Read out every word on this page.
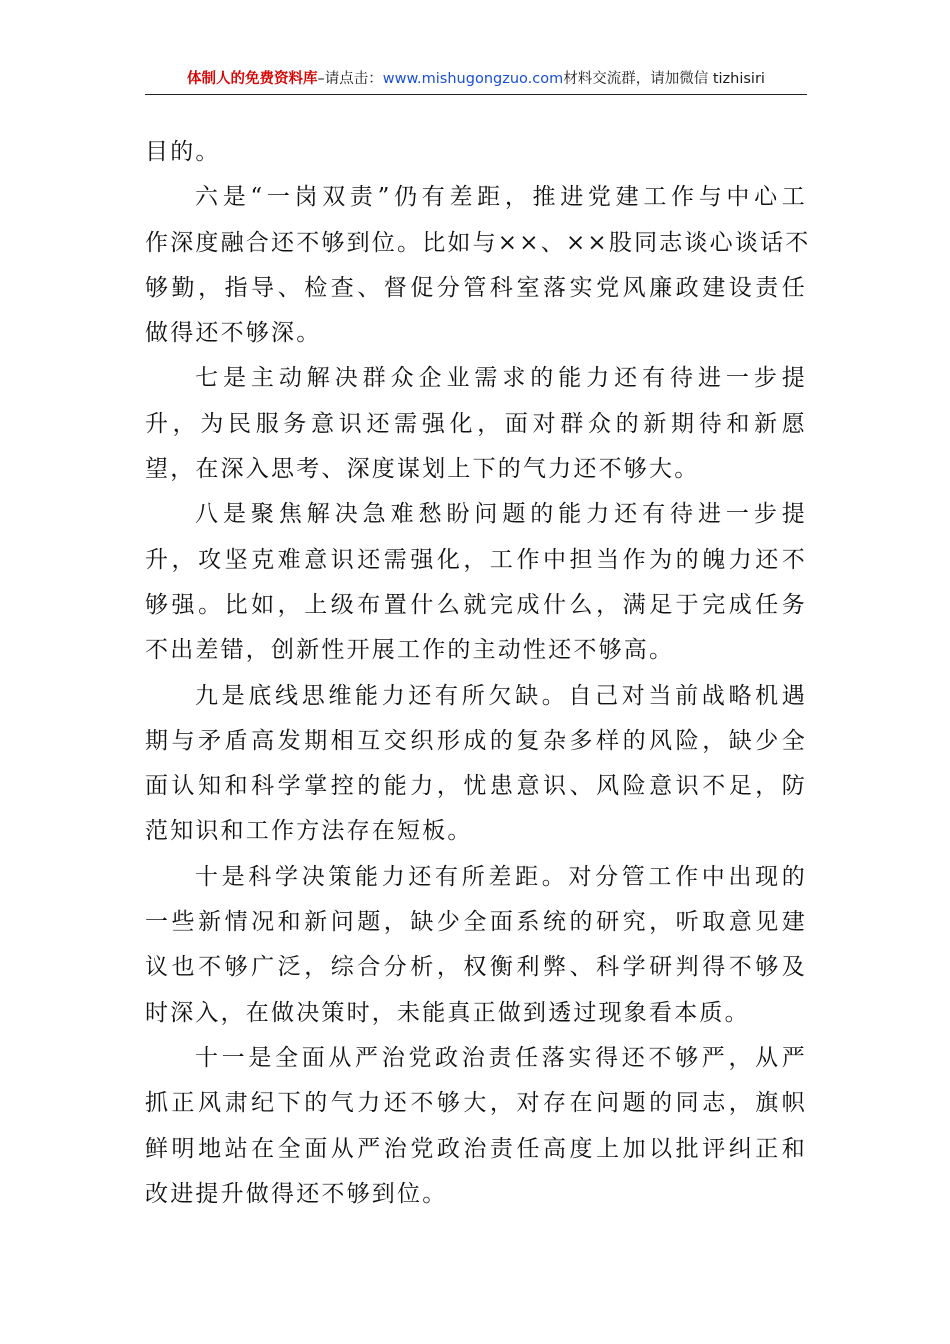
体制人的免费资料库–请点击：www.mishugongzuo.com材料交流群，请加微信 tizhisiri
目的。
六是“一岗双责”仍有差距，推进党建工作与中心工
作深度融合还不够到位。比如与××、××股同志谈心谈话不
够勤，指导、检查、督促分管科室落实党风廉政建设责任
做得还不够深。
七是主动解决群众企业需求的能力还有待进一步提
升，为民服务意识还需强化，面对群众的新期待和新愿
望，在深入思考、深度谋划上下的气力还不够大。
八是聚焦解决急难愁盼问题的能力还有待进一步提
升，攻坚克难意识还需强化，工作中担当作为的魄力还不
够强。比如，上级布置什么就完成什么，满足于完成任务
不出差错，创新性开展工作的主动性还不够高。
九是底线思维能力还有所欠缺。自己对当前战略机遇
期与矛盾高发期相互交织形成的复杂多样的风险，缺少全
面认知和科学掌控的能力，忧患意识、风险意识不足，防
范知识和工作方法存在短板。
十是科学决策能力还有所差距。对分管工作中出现的
一些新情况和新问题，缺少全面系统的研究，听取意见建
议也不够广泛，综合分析，权衡利弊、科学研判得不够及
时深入，在做决策时，未能真正做到透过现象看本质。
十一是全面从严治党政治责任落实得还不够严，从严
抓正风肃纪下的气力还不够大，对存在问题的同志，旗帜
鲜明地站在全面从严治党政治责任高度上加以批评纠正和
改进提升做得还不够到位。
